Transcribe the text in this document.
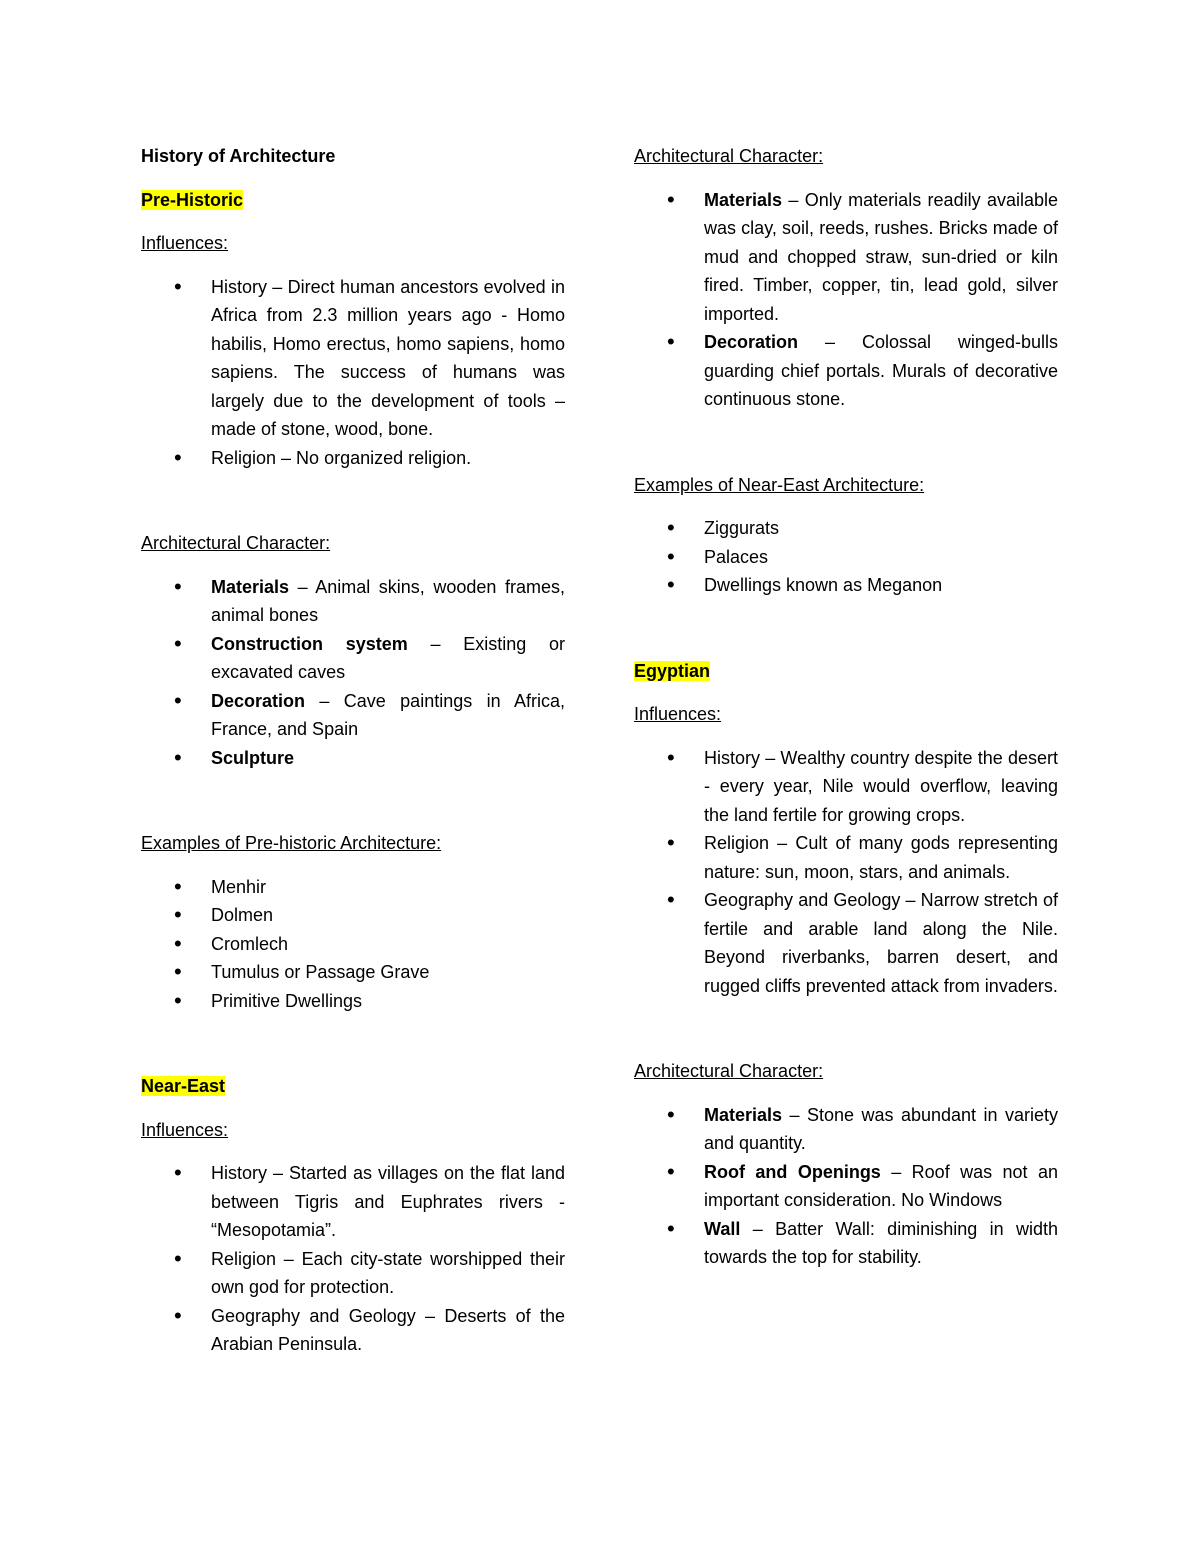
History of Architecture
Pre-Historic
Influences:
• History – Direct human ancestors evolved in Africa from 2.3 million years ago - Homo habilis, Homo erectus, homo sapiens, homo sapiens. The success of humans was largely due to the development of tools – made of stone, wood, bone.
• Religion – No organized religion.
Architectural Character:
• Materials – Animal skins, wooden frames, animal bones
• Construction system – Existing or excavated caves
• Decoration – Cave paintings in Africa, France, and Spain
• Sculpture
Examples of Pre-historic Architecture:
• Menhir
• Dolmen
• Cromlech
• Tumulus or Passage Grave
• Primitive Dwellings
Near-East
Influences:
• History – Started as villages on the flat land between Tigris and Euphrates rivers - “Mesopotamia”.
• Religion – Each city-state worshipped their own god for protection.
• Geography and Geology – Deserts of the Arabian Peninsula.
Architectural Character:
• Materials – Only materials readily available was clay, soil, reeds, rushes. Bricks made of mud and chopped straw, sun-dried or kiln fired. Timber, copper, tin, lead gold, silver imported.
• Decoration – Colossal winged-bulls guarding chief portals. Murals of decorative continuous stone.
Examples of Near-East Architecture:
• Ziggurats
• Palaces
• Dwellings known as Meganon
Egyptian
Influences:
• History – Wealthy country despite the desert - every year, Nile would overflow, leaving the land fertile for growing crops.
• Religion – Cult of many gods representing nature: sun, moon, stars, and animals.
• Geography and Geology – Narrow stretch of fertile and arable land along the Nile. Beyond riverbanks, barren desert, and rugged cliffs prevented attack from invaders.
Architectural Character:
• Materials – Stone was abundant in variety and quantity.
• Roof and Openings – Roof was not an important consideration. No Windows
• Wall – Batter Wall: diminishing in width towards the top for stability.
